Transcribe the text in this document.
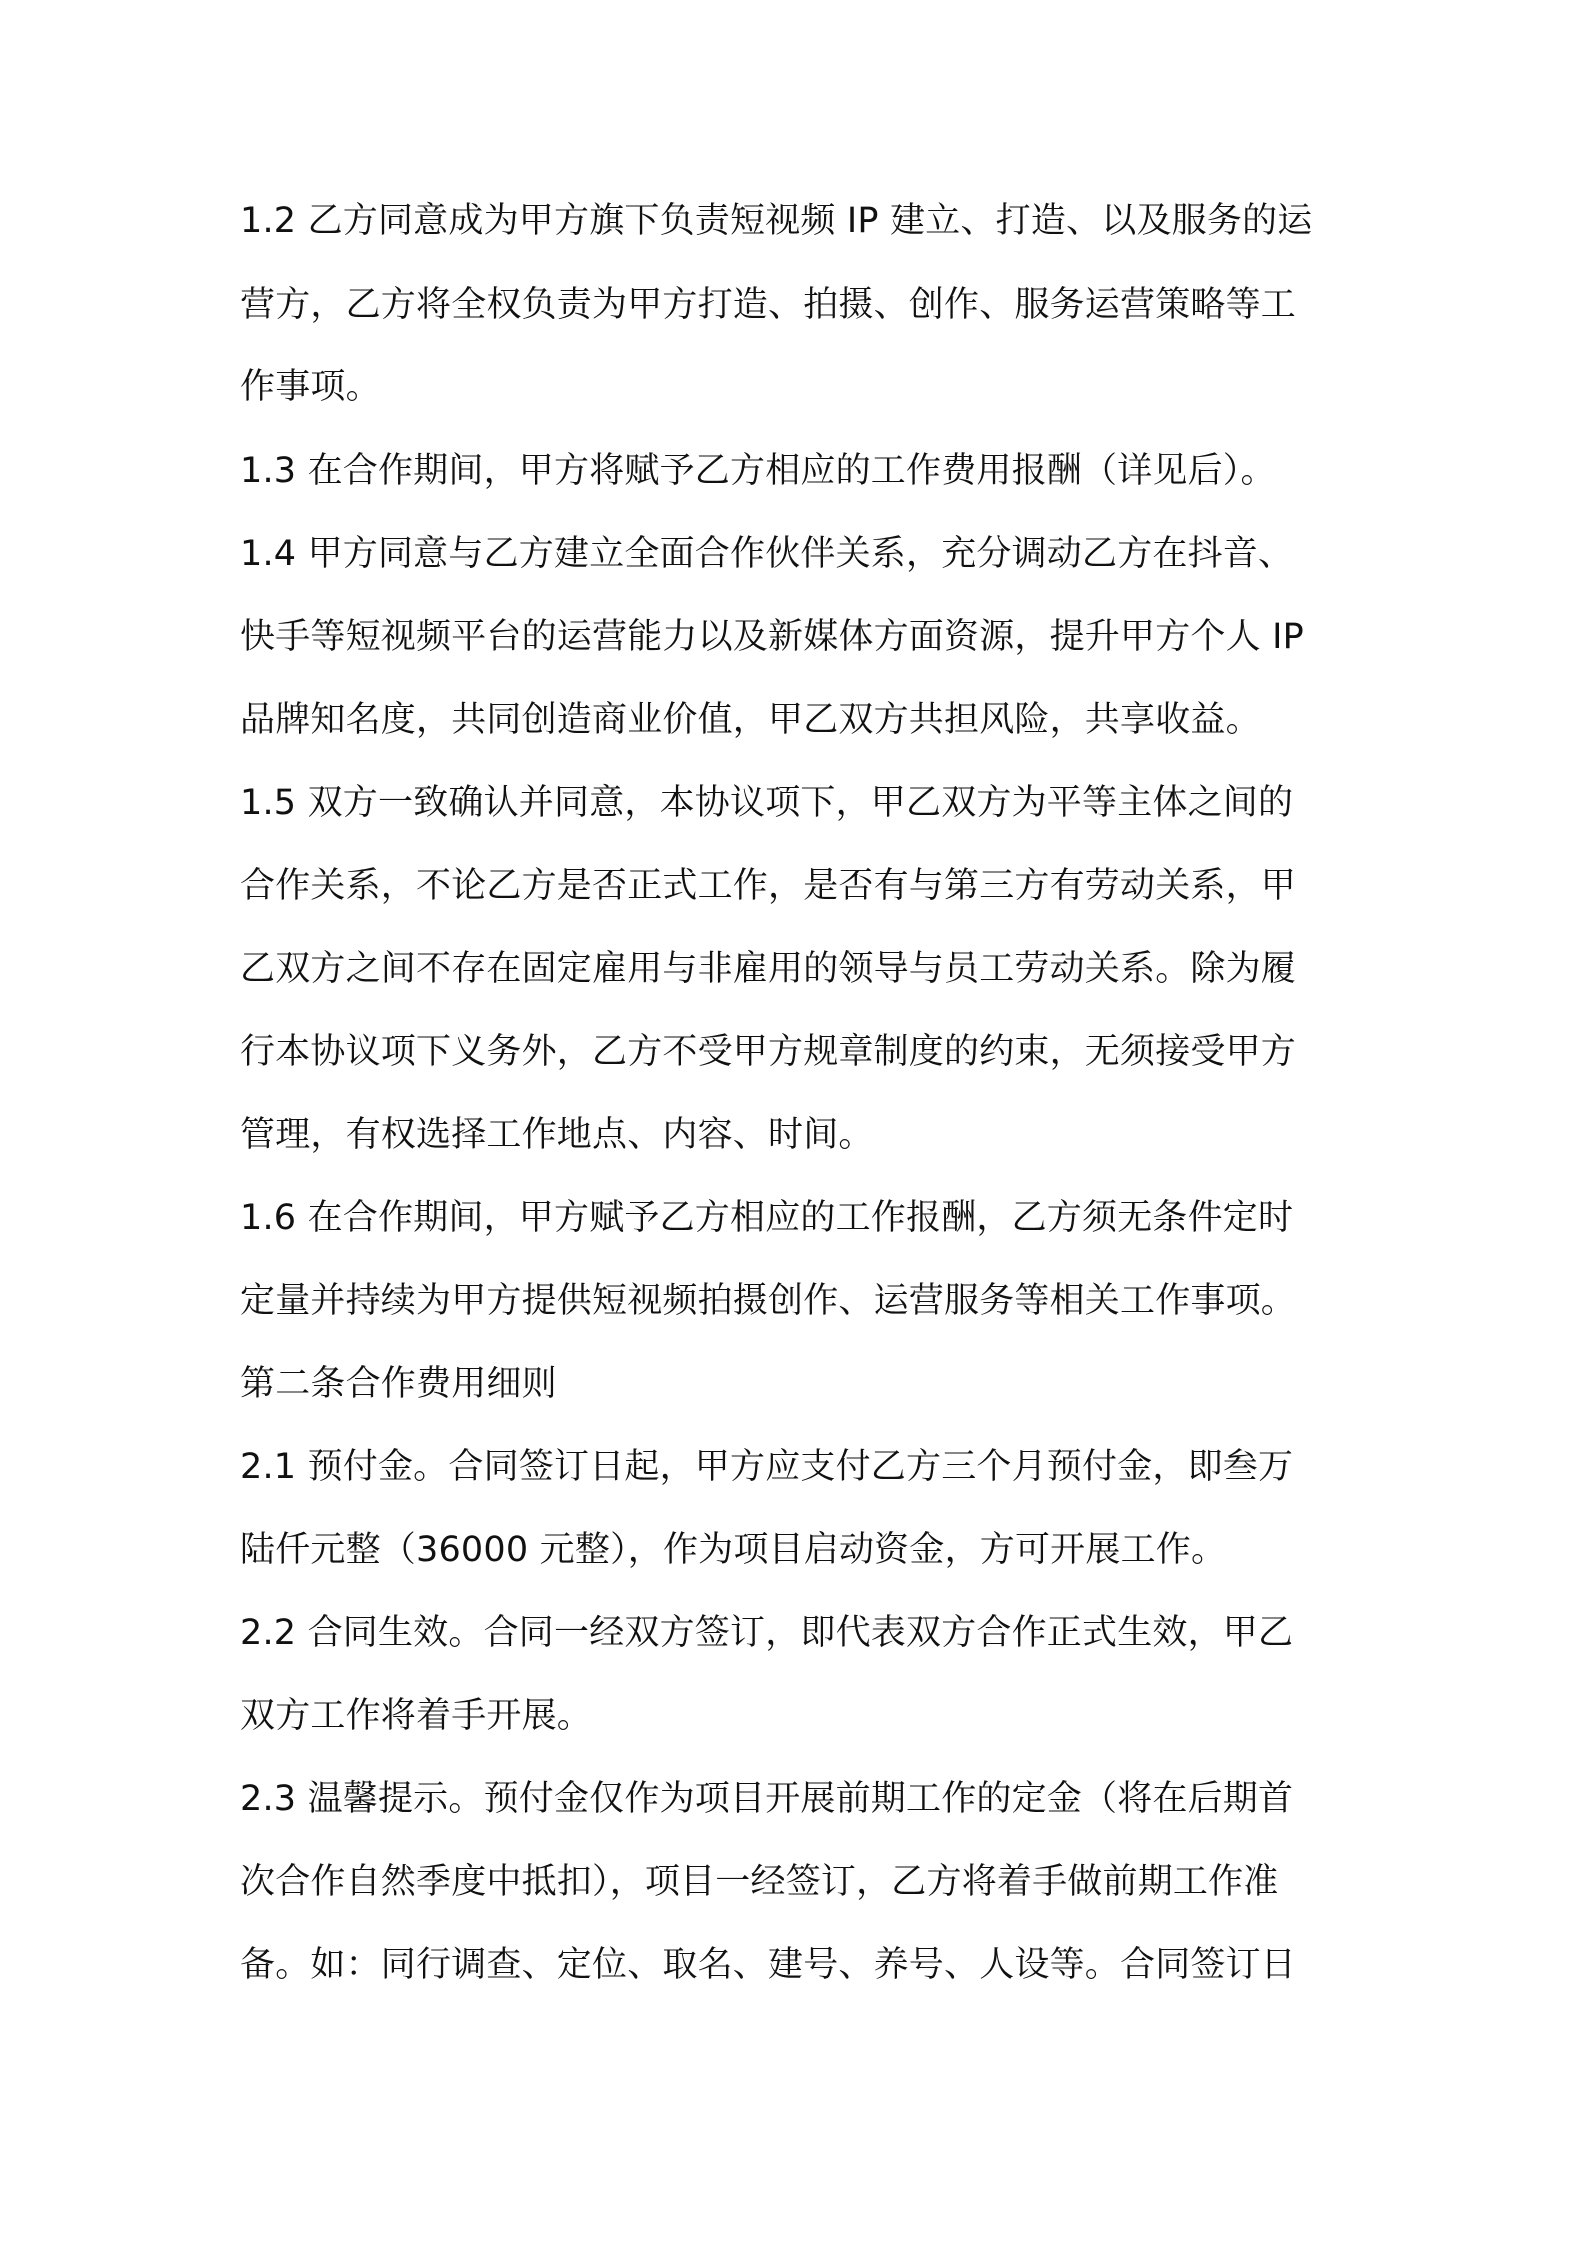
1.2 乙方同意成为甲方旗下负责短视频 IP 建立、打造、以及服务的运
营方，乙方将全权负责为甲方打造、拍摄、创作、服务运营策略等工
作事项。
1.3 在合作期间，甲方将赋予乙方相应的工作费用报酬（详见后）。
1.4 甲方同意与乙方建立全面合作伙伴关系，充分调动乙方在抖音、
快手等短视频平台的运营能力以及新媒体方面资源，提升甲方个人 IP
品牌知名度，共同创造商业价值，甲乙双方共担风险，共享收益。
1.5 双方一致确认并同意，本协议项下，甲乙双方为平等主体之间的
合作关系，不论乙方是否正式工作，是否有与第三方有劳动关系，甲
乙双方之间不存在固定雇用与非雇用的领导与员工劳动关系。除为履
行本协议项下义务外，乙方不受甲方规章制度的约束，无须接受甲方
管理，有权选择工作地点、内容、时间。
1.6 在合作期间，甲方赋予乙方相应的工作报酬，乙方须无条件定时
定量并持续为甲方提供短视频拍摄创作、运营服务等相关工作事项。
第二条合作费用细则
2.1 预付金。合同签订日起，甲方应支付乙方三个月预付金，即叁万
陆仟元整（36000 元整），作为项目启动资金，方可开展工作。
2.2 合同生效。合同一经双方签订，即代表双方合作正式生效，甲乙
双方工作将着手开展。
2.3 温馨提示。预付金仅作为项目开展前期工作的定金（将在后期首
次合作自然季度中抵扣），项目一经签订，乙方将着手做前期工作准
备。如：同行调查、定位、取名、建号、养号、人设等。合同签订日
